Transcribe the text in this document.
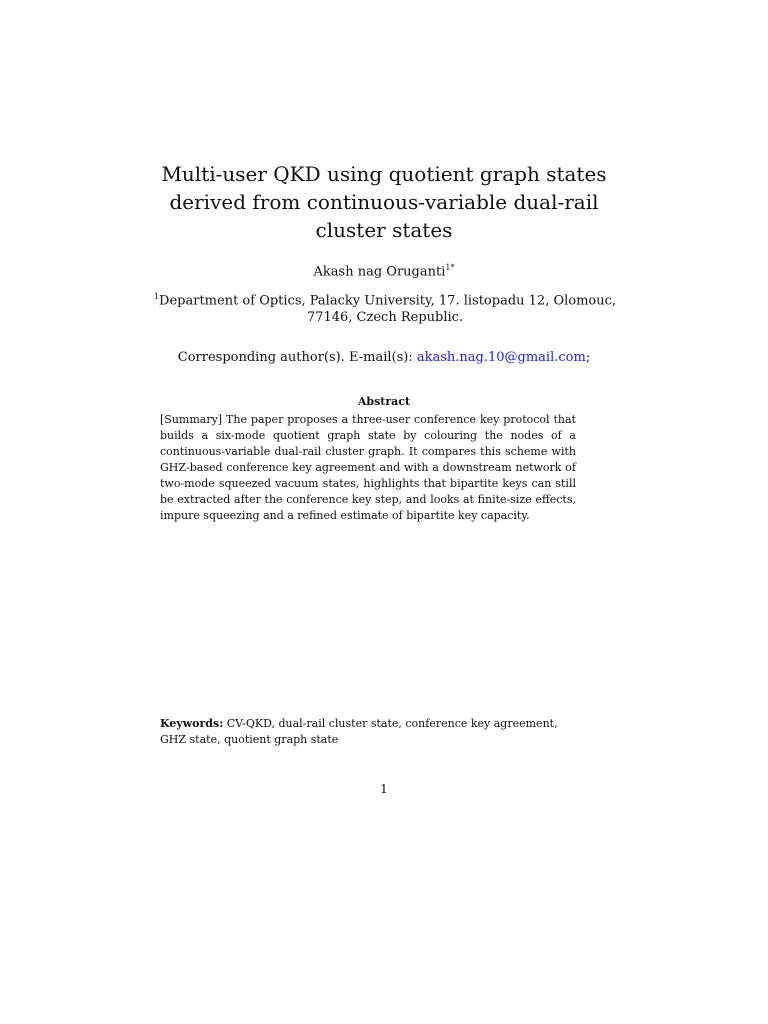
Multi-user QKD using quotient graph states derived from continuous-variable dual-rail cluster states
Akash nag Oruganti$^{1*}$
$^1$Department of Optics, Palacky University, 17. listopadu 12, Olomouc, 77146, Czech Republic.
Corresponding author(s). E-mail(s): akash.nag.10@gmail.com;
Abstract
[Summary] The paper proposes a three-user conference key protocol that builds a six-mode quotient graph state by colouring the nodes of a continuous-variable dual-rail cluster graph. It compares this scheme with GHZ-based conference key agreement and with a downstream network of two-mode squeezed vacuum states, highlights that bipartite keys can still be extracted after the conference key step, and looks at finite-size effects, impure squeezing and a refined estimate of bipartite key capacity.
Keywords: CV-QKD, dual-rail cluster state, conference key agreement, GHZ state, quotient graph state
1
